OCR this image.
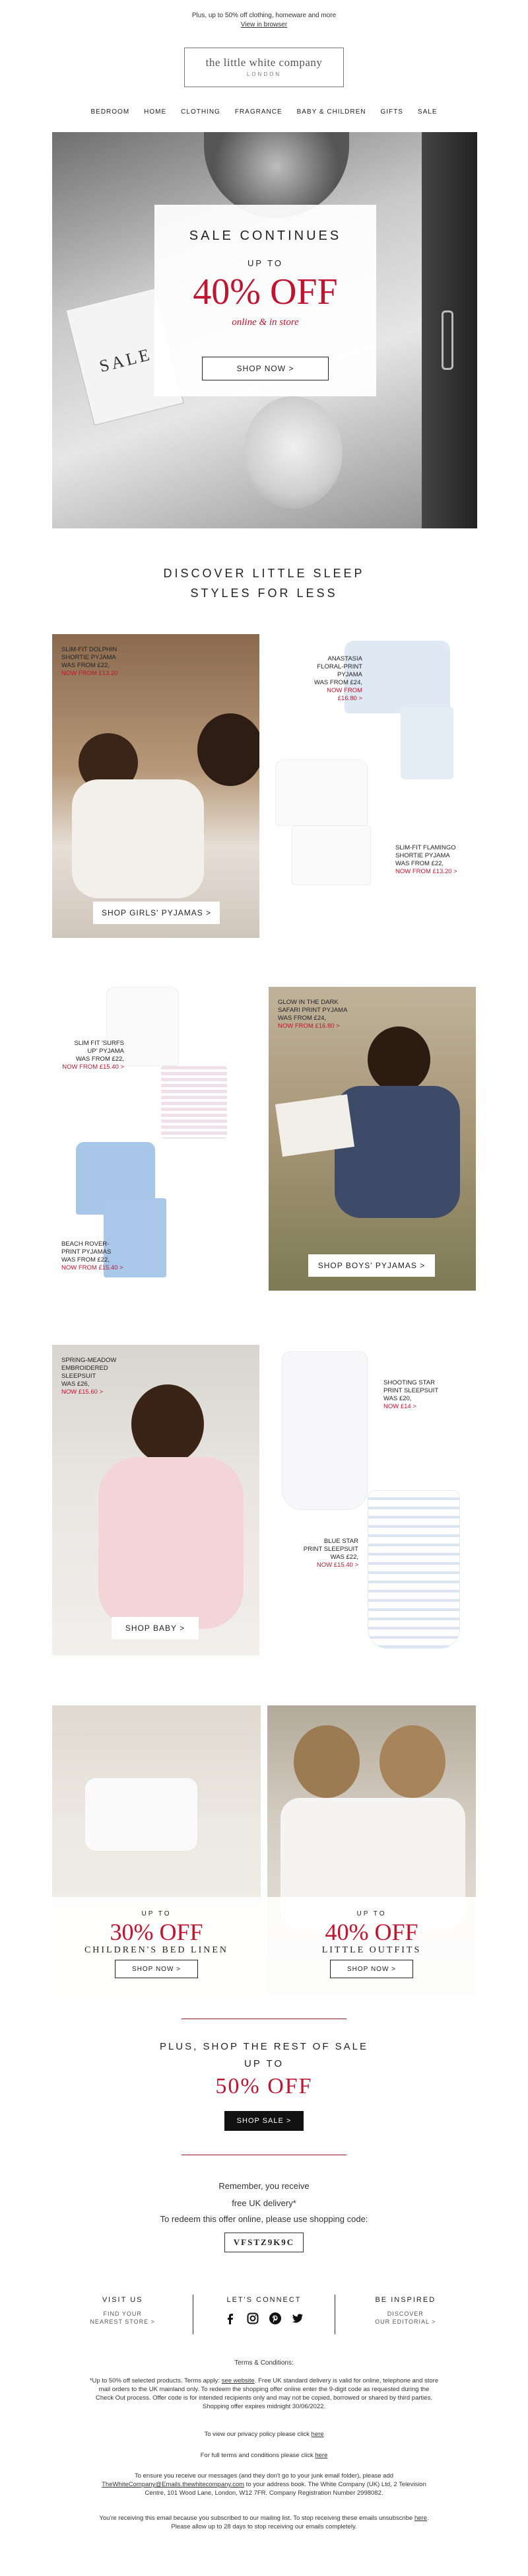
Plus, up to 50% off clothing, homeware and more
View in browser
the little white company
LONDON
BEDROOM HOME CLOTHING FRAGRANCE BABY & CHILDREN GIFTS SALE
SALE
SALE CONTINUES
UP TO
40% OFF
online & in store
SHOP NOW >
DISCOVER LITTLE SLEEP
STYLES FOR LESS
SLIM-FIT DOLPHIN
SHORTIE PYJAMA
WAS FROM £22,
NOW FROM £13.20
SHOP GIRLS' PYJAMAS >
ANASTASIA
FLORAL-PRINT
PYJAMA
WAS FROM £24,
NOW FROM £16.80 >
SLIM-FIT FLAMINGO
SHORTIE PYJAMA
WAS FROM £22,
NOW FROM £13.20 >
SLIM FIT 'SURFS
UP' PYJAMA
WAS FROM £22,
NOW FROM £15.40 >
BEACH ROVER-
PRINT PYJAMAS
WAS FROM £22,
NOW FROM £15.40 >
GLOW IN THE DARK
SAFARI PRINT PYJAMA
WAS FROM £24,
NOW FROM £16.80 >
SHOP BOYS' PYJAMAS >
SPRING-MEADOW
EMBROIDERED
SLEEPSUIT
WAS £26,
NOW £15.60 >
SHOP BABY >
SHOOTING STAR
PRINT SLEEPSUIT
WAS £20,
NOW £14 >
BLUE STAR
PRINT SLEEPSUIT
WAS £22,
NOW £15.40 >
UP TO
30% OFF
CHILDREN'S BED LINEN
SHOP NOW >
UP TO
40% OFF
LITTLE OUTFITS
SHOP NOW >
PLUS, SHOP THE REST OF SALE
UP TO
50% OFF
SHOP SALE >
Remember, you receive
free UK delivery*
To redeem this offer online, please use shopping code:
VFSTZ9K9C
VISIT US
FIND YOUR
NEAREST STORE >
LET'S CONNECT	BE INSPIRED
DISCOVER
OUR EDITORIAL >
Terms & Conditions:
*Up to 50% off selected products. Terms apply: see website. Free UK standard delivery is valid for online, telephone and store mail orders to the UK mainland only. To redeem the shopping offer online enter the 9-digit code as requested during the Check Out process. Offer code is for intended recipients only and may not be copied, borrowed or shared by third parties. Shopping offer expires midnight 30/06/2022.
To view our privacy policy please click here
For full terms and conditions please click here
To ensure you receive our messages (and they don't go to your junk email folder), please add TheWhiteCompany@Emails.thewhitecompany.com to your address book. The White Company (UK) Ltd, 2 Television Centre, 101 Wood Lane, London, W12 7FR. Company Registration Number 2998082.
You're receiving this email because you subscribed to our mailing list. To stop receiving these emails unsubscribe here. Please allow up to 28 days to stop receiving our emails completely.
